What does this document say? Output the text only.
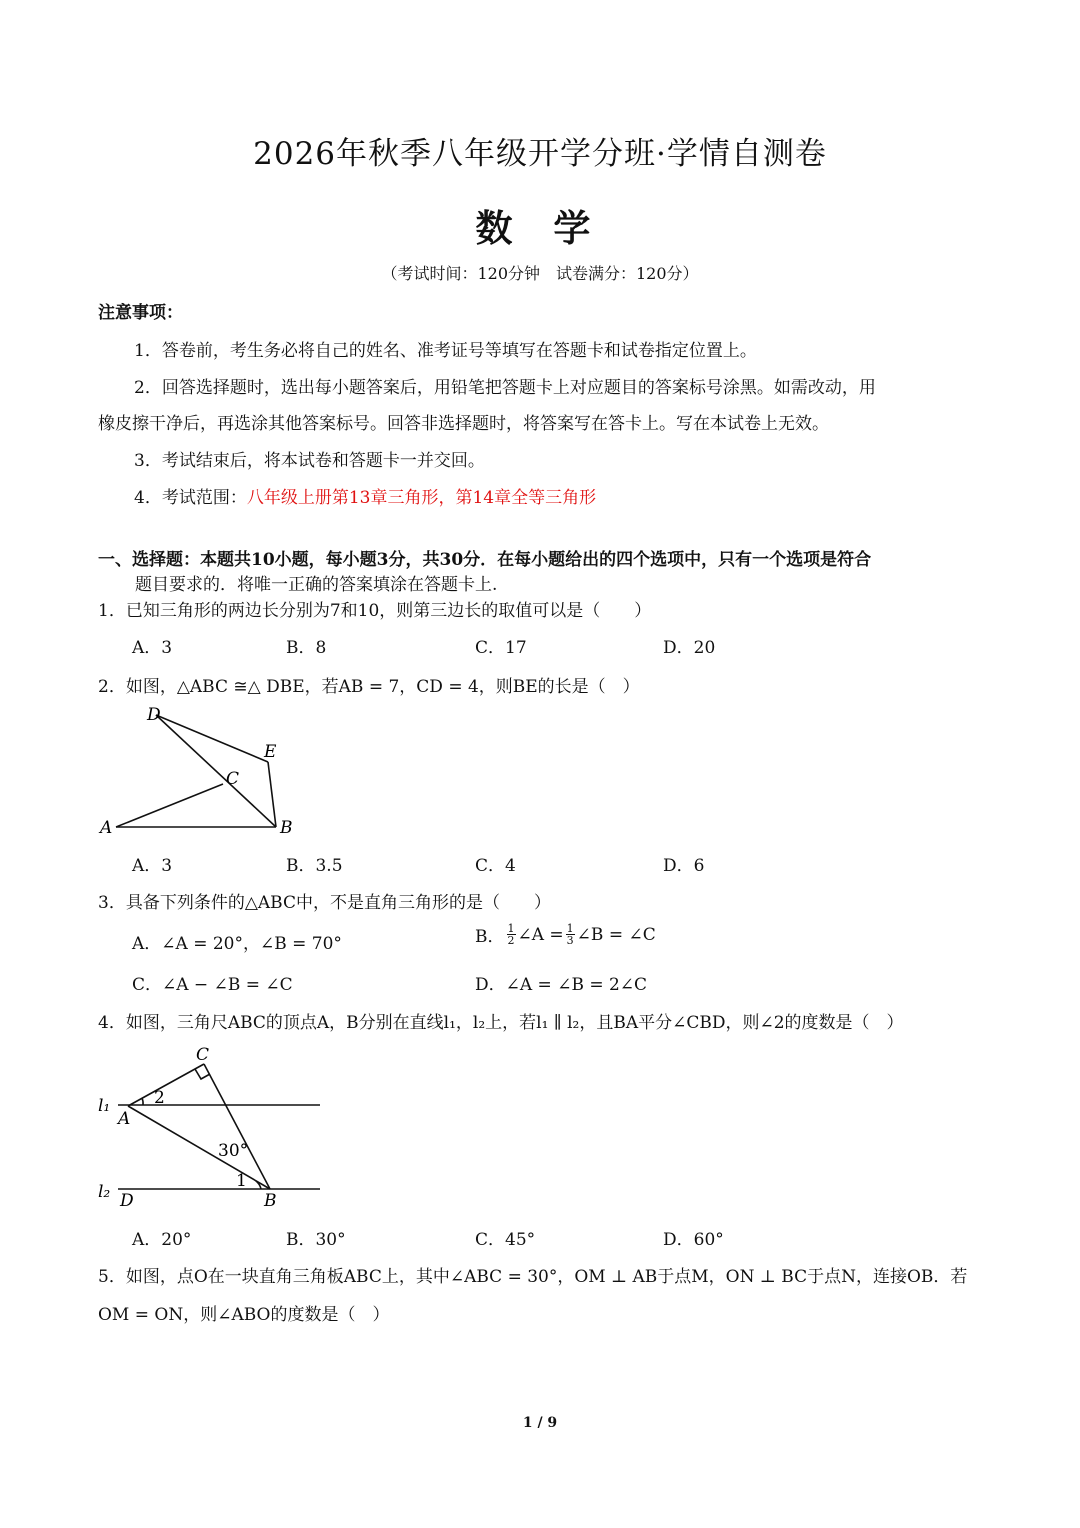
2026年秋季八年级开学分班·学情自测卷
数 学
（考试时间：120分钟　试卷满分：120分）
注意事项：
1．答卷前，考生务必将自己的姓名、准考证号等填写在答题卡和试卷指定位置上。
2．回答选择题时，选出每小题答案后，用铅笔把答题卡上对应题目的答案标号涂黑。如需改动，用
橡皮擦干净后，再选涂其他答案标号。回答非选择题时，将答案写在答卡上。写在本试卷上无效。
3．考试结束后，将本试卷和答题卡一并交回。
4．考试范围：八年级上册第13章三角形，第14章全等三角形
一、选择题：本题共10小题，每小题3分，共30分．在每小题给出的四个选项中，只有一个选项是符合
题目要求的．将唯一正确的答案填涂在答题卡上.
1．已知三角形的两边长分别为7和10，则第三边长的取值可以是（　　）
A．3	B．8	C．17	D．20
2．如图，△ABC ≅△ DBE，若AB = 7，CD = 4，则BE的长是（　）
D
E
C
A	B
A．3	B．3.5	C．4	D．6
3．具备下列条件的△ABC中，不是直角三角形的是（　　）
A．∠A = 20°，∠B = 70°	B． $\frac{1}{2}$ ∠A = $\frac{1}{3}$ ∠B = ∠C
C．∠A − ∠B = ∠C	D．∠A = ∠B = 2∠C
4．如图，三角尺ABC的顶点A，B分别在直线l₁，l₂上，若l₁ ∥ l₂，且BA平分∠CBD，则∠2的度数是（　）
C
l₁
A
2
30°
1
l₂ D	B
A．20°	B．30°	C．45°	D．60°
5．如图，点O在一块直角三角板ABC上，其中∠ABC = 30°，OM ⊥ AB于点M，ON ⊥ BC于点N，连接OB．若
OM = ON，则∠ABO的度数是（　）
1 / 9
